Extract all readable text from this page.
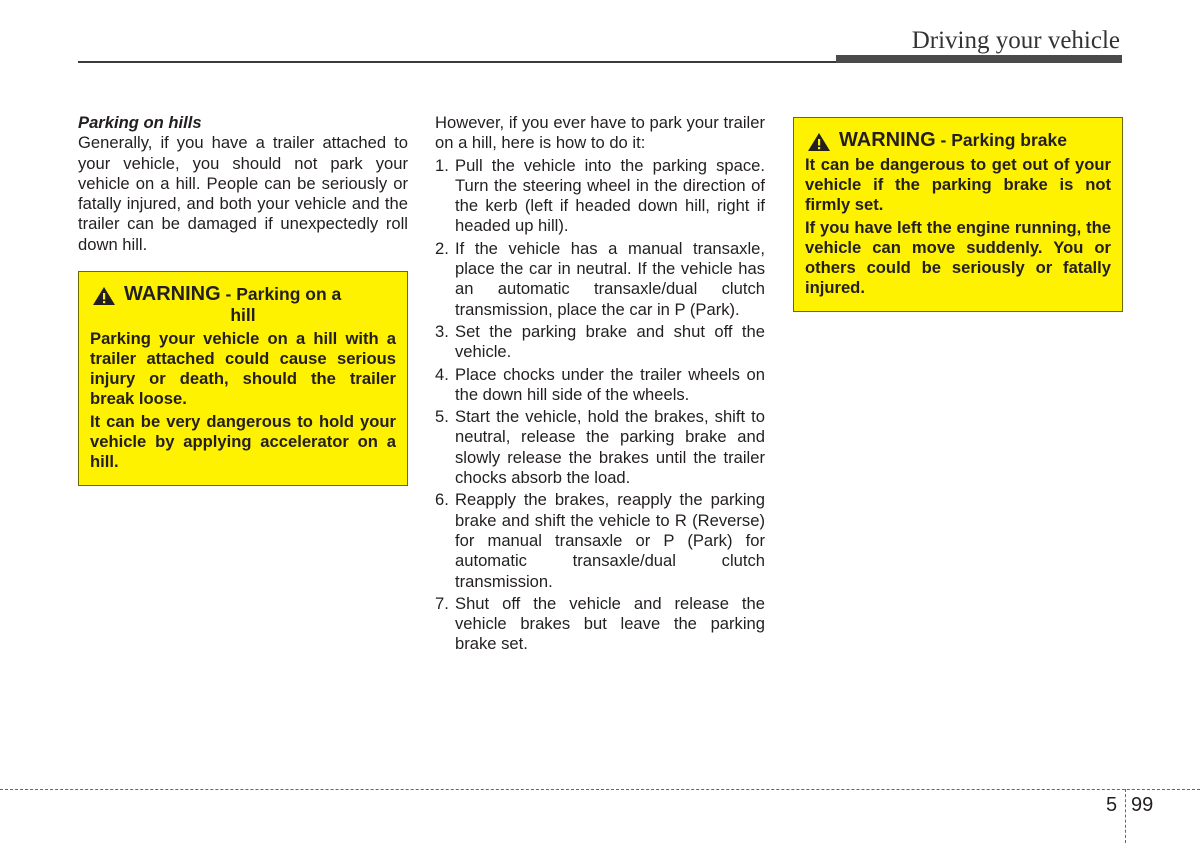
Driving your vehicle

Parking on hills

Generally, if you have a trailer attached to your vehicle, you should not park your vehicle on a hill. People can be seriously or fatally injured, and both your vehicle and the trailer can be damaged if unexpectedly roll down hill.

WARNING - Parking on a
hill

Parking your vehicle on a hill with a trailer attached could cause serious injury or death, should the trailer break loose.

It can be very dangerous to hold your vehicle by applying accelerator on a hill.

However, if you ever have to park your trailer on a hill, here is how to do it:

1. Pull the vehicle into the parking space. Turn the steering wheel in the direction of the kerb (left if headed down hill, right if headed up hill).
2. If the vehicle has a manual transaxle, place the car in neutral. If the vehicle has an automatic transaxle/dual clutch transmission, place the car in P (Park).
3. Set the parking brake and shut off the vehicle.
4. Place chocks under the trailer wheels on the down hill side of the wheels.
5. Start the vehicle, hold the brakes, shift to neutral, release the parking brake and slowly release the brakes until the trailer chocks absorb the load.
6. Reapply the brakes, reapply the parking brake and shift the vehicle to R (Reverse) for manual transaxle or P (Park) for automatic transaxle/dual clutch transmission.
7. Shut off the vehicle and release the vehicle brakes but leave the parking brake set.
WARNING - Parking brake

It can be dangerous to get out of your vehicle if the parking brake is not firmly set.

If you have left the engine running, the vehicle can move suddenly. You or others could be seriously or fatally injured.

5 99
